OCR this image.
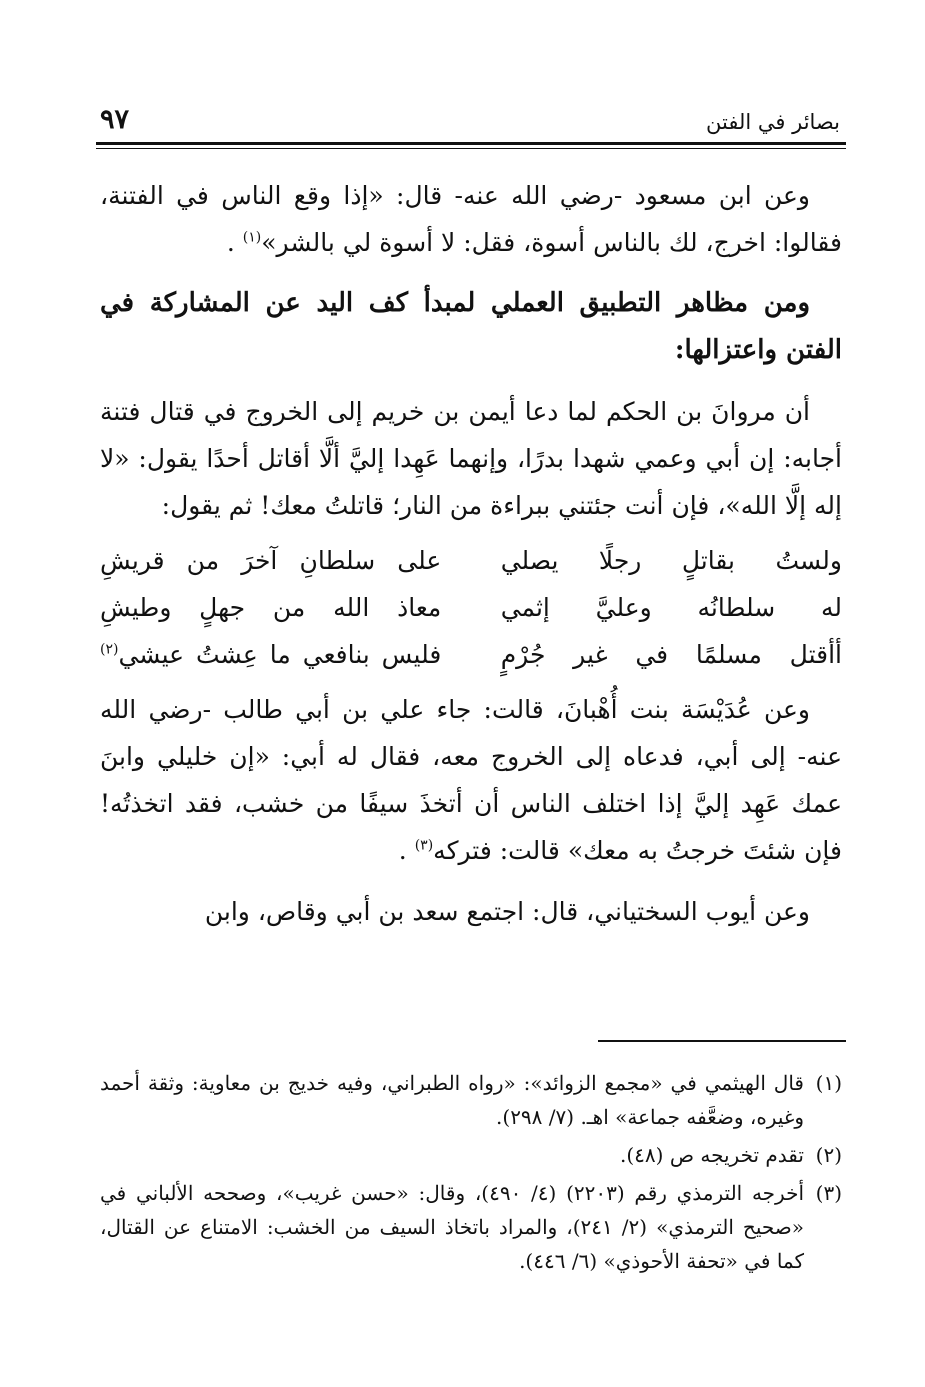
بصائر في الفتن
٩٧

وعن ابن مسعود -رضي الله عنه- قال: «إذا وقع الناس في الفتنة، فقالوا: اخرج، لك بالناس أسوة، فقل: لا أسوة لي بالشر»$^{(١)}$ .

ومن مظاهر التطبيق العملي لمبدأ كف اليد عن المشاركة في الفتن واعتزالها:

أن مروانَ بن الحكم لما دعا أيمن بن خريم إلى الخروج في قتال فتنة أجابه: إن أبي وعمي شهدا بدرًا، وإنهما عَهِدا إليَّ ألَّا أقاتل أحدًا يقول: «لا إله إلَّا الله»، فإن أنت جئتني ببراءة من النار؛ قاتلتُ معك! ثم يقول:

ولستُ بقاتلٍ رجلًا يصلي
على سلطانِ آخرَ من قريشِ
له سلطانُه وعليَّ إثمي
معاذ الله من جهلٍ وطيشِ
أأقتل مسلمًا في غير جُرْمٍ
فليس بنافعي ما عِشتُ عيشي$^{(٢)}$

وعن عُدَيْسَة بنت أُهْبانَ، قالت: جاء علي بن أبي طالب -رضي الله عنه- إلى أبي، فدعاه إلى الخروج معه، فقال له أبي: «إن خليلي وابنَ عمك عَهِد إليَّ إذا اختلف الناس أن أتخذَ سيفًا من خشب، فقد اتخذتُه! فإن شئتَ خرجتُ به معك» قالت: فتركه$^{(٣)}$ .

وعن أيوب السختياني، قال: اجتمع سعد بن أبي وقاص، وابن

(١)
قال الهيثمي في «مجمع الزوائد»: «رواه الطبراني، وفيه خديج بن معاوية: وثقة أحمد وغيره، وضعَّفه جماعة» اهـ. (٧/ ٢٩٨).
(٢)
تقدم تخريجه ص (٤٨).
(٣)
أخرجه الترمذي رقم (٢٢٠٣) (٤/ ٤٩٠)، وقال: «حسن غريب»، وصححه الألباني في «صحيح الترمذي» (٢/ ٢٤١)، والمراد باتخاذ السيف من الخشب: الامتناع عن القتال، كما في «تحفة الأحوذي» (٦/ ٤٤٦).
